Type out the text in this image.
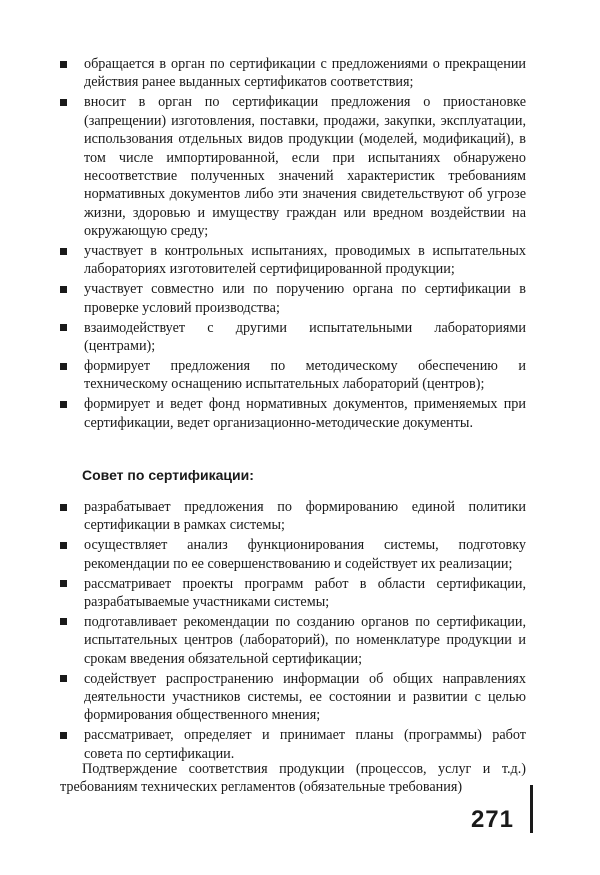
обращается в орган по сертификации с предложениями о прекращении действия ранее выданных сертификатов соответствия;
вносит в орган по сертификации предложения о приостановке (запрещении) изготовления, поставки, продажи, закупки, эксплуатации, использования отдельных видов продукции (моделей, модификаций), в том числе импортированной, если при испытаниях обнаружено несоответствие полученных значений характеристик требованиям нормативных документов либо эти значения свидетельствуют об угрозе жизни, здоровью и имуществу граждан или вредном воздействии на окружающую среду;
участвует в контрольных испытаниях, проводимых в испытательных лабораториях изготовителей сертифицированной продукции;
участвует совместно или по поручению органа по сертификации в проверке условий производства;
взаимодействует с другими испытательными лабораториями (центрами);
формирует предложения по методическому обеспечению и техническому оснащению испытательных лабораторий (центров);
формирует и ведет фонд нормативных документов, применяемых при сертификации, ведет организационно-методические документы.
Совет по сертификации:
разрабатывает предложения по формированию единой политики сертификации в рамках системы;
осуществляет анализ функционирования системы, подготовку рекомендации по ее совершенствованию и содействует их реализации;
рассматривает проекты программ работ в области сертификации, разрабатываемые участниками системы;
подготавливает рекомендации по созданию органов по сертификации, испытательных центров (лабораторий), по номенклатуре продукции и срокам введения обязательной сертификации;
содействует распространению информации об общих направлениях деятельности участников системы, ее состоянии и развитии с целью формирования общественного мнения;
рассматривает, определяет и принимает планы (программы) работ совета по сертификации.

Подтверждение соответствия продукции (процессов, услуг и т.д.) требованиям технических регламентов (обязательные требования)

271
